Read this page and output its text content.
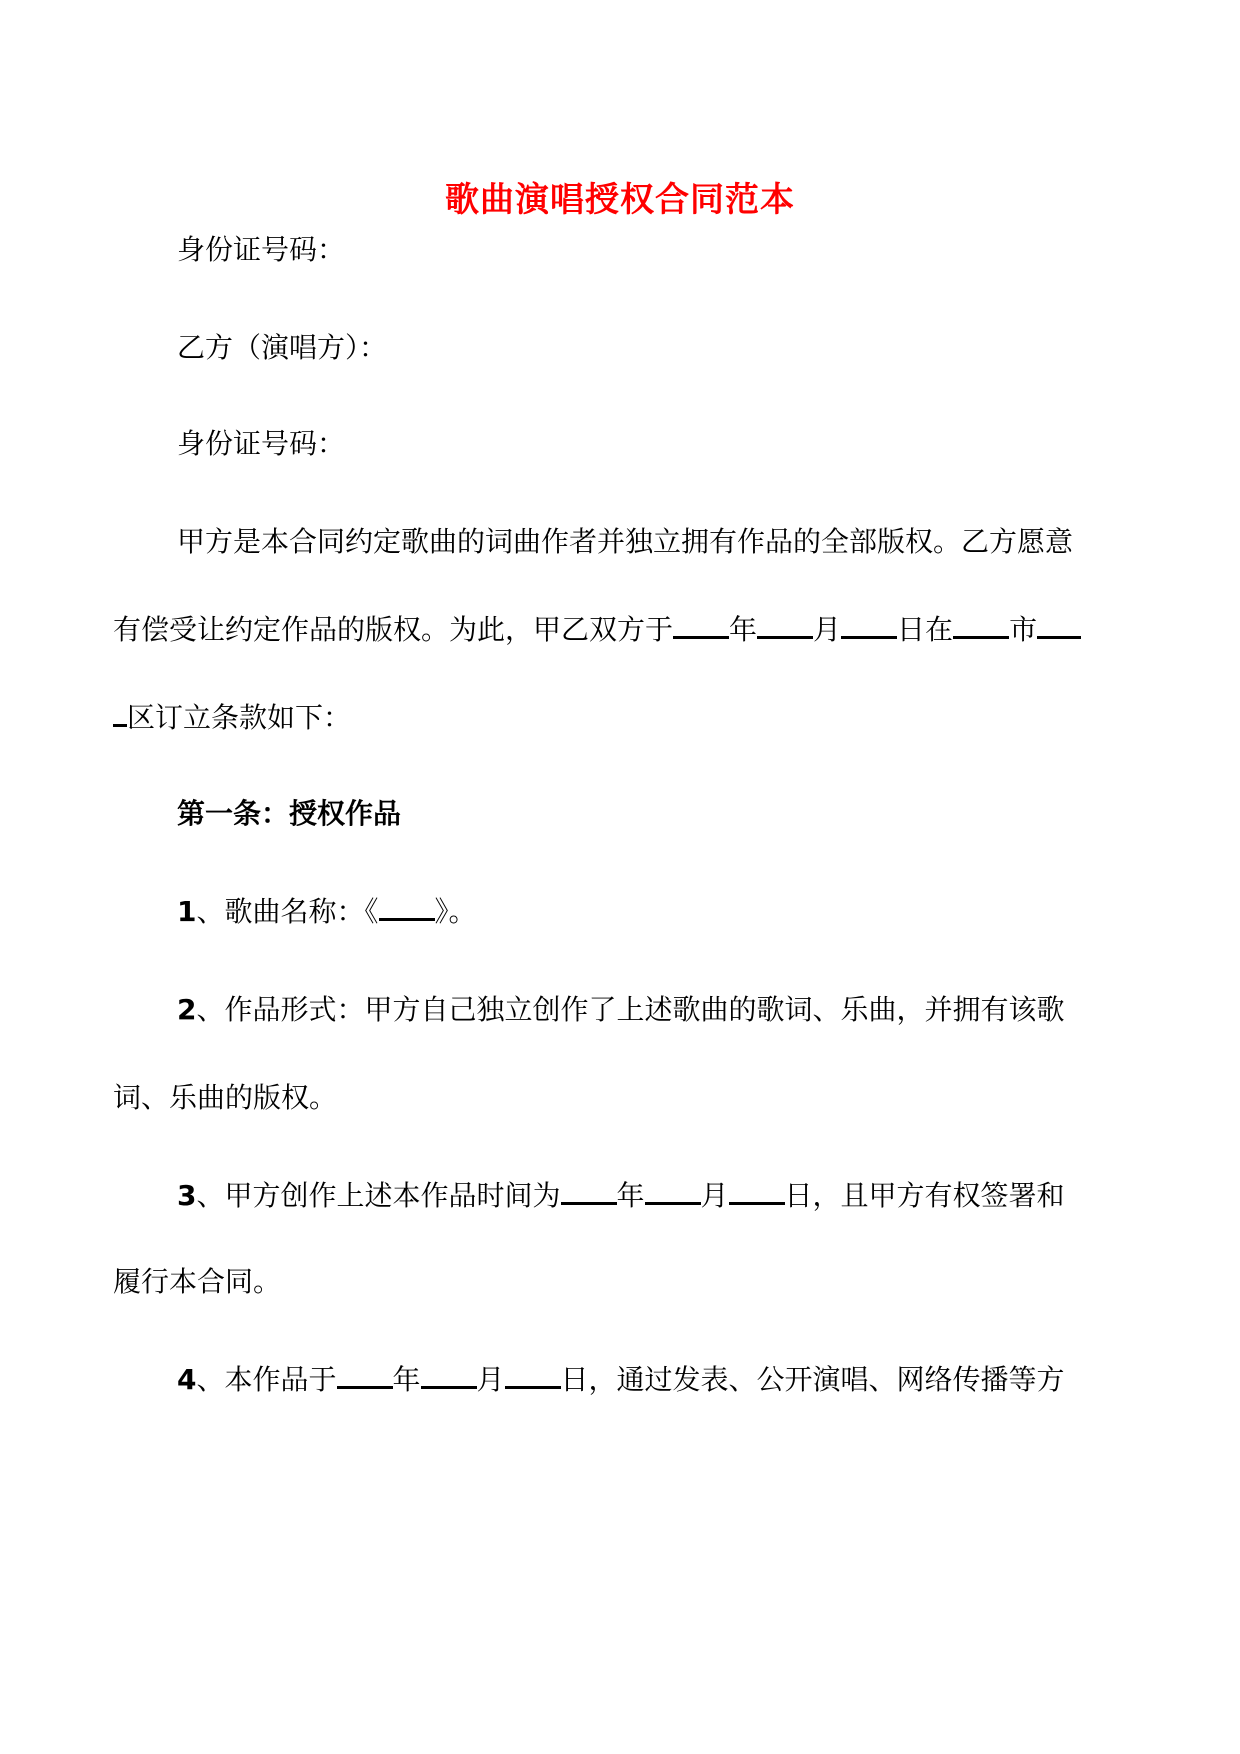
歌曲演唱授权合同范本
身份证号码：
乙方（演唱方）：
身份证号码：
甲方是本合同约定歌曲的词曲作者并独立拥有作品的全部版权。乙方愿意
有偿受让约定作品的版权。为此，甲乙双方于 年 月 日在 市
区订立条款如下：
第一条：授权作品
1、歌曲名称：《 》。
2、作品形式：甲方自己独立创作了上述歌曲的歌词、乐曲，并拥有该歌
词、乐曲的版权。
3、甲方创作上述本作品时间为 年 月 日，且甲方有权签署和
履行本合同。
4、本作品于 年 月 日，通过发表、公开演唱、网络传播等方
